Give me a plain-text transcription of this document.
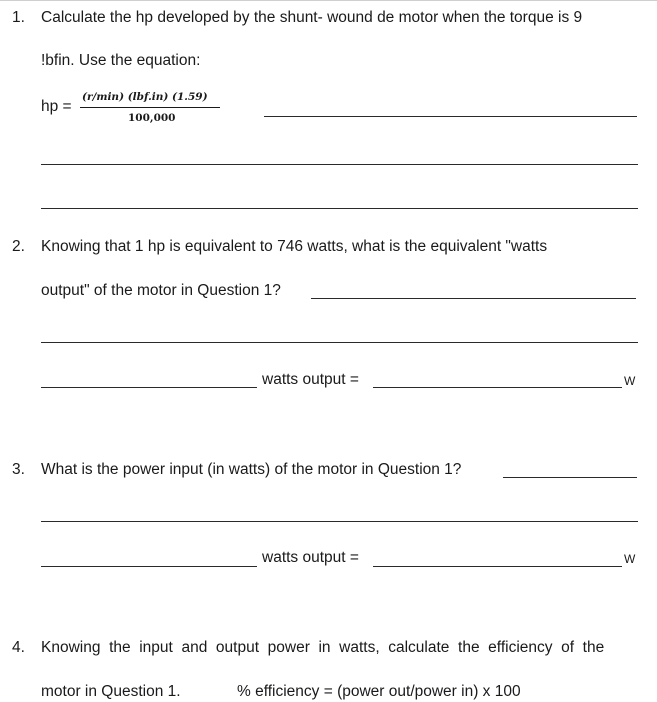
1. Calculate the hp developed by the shunt- wound de motor when the torque is 9
!bfin. Use the equation:
hp =
(r/min) (lbf.in) (1.59)
100,000
2. Knowing that 1 hp is equivalent to 746 watts, what is the equivalent "watts
output" of the motor in Question 1?
watts output =	W
3. What is the power input (in watts) of the motor in Question 1?
watts output =	W
4. Knowing  the  input  and  output  power  in  watts,  calculate  the  efficiency  of  the
motor in Question 1.	% efficiency = (power out/power in) x 100
